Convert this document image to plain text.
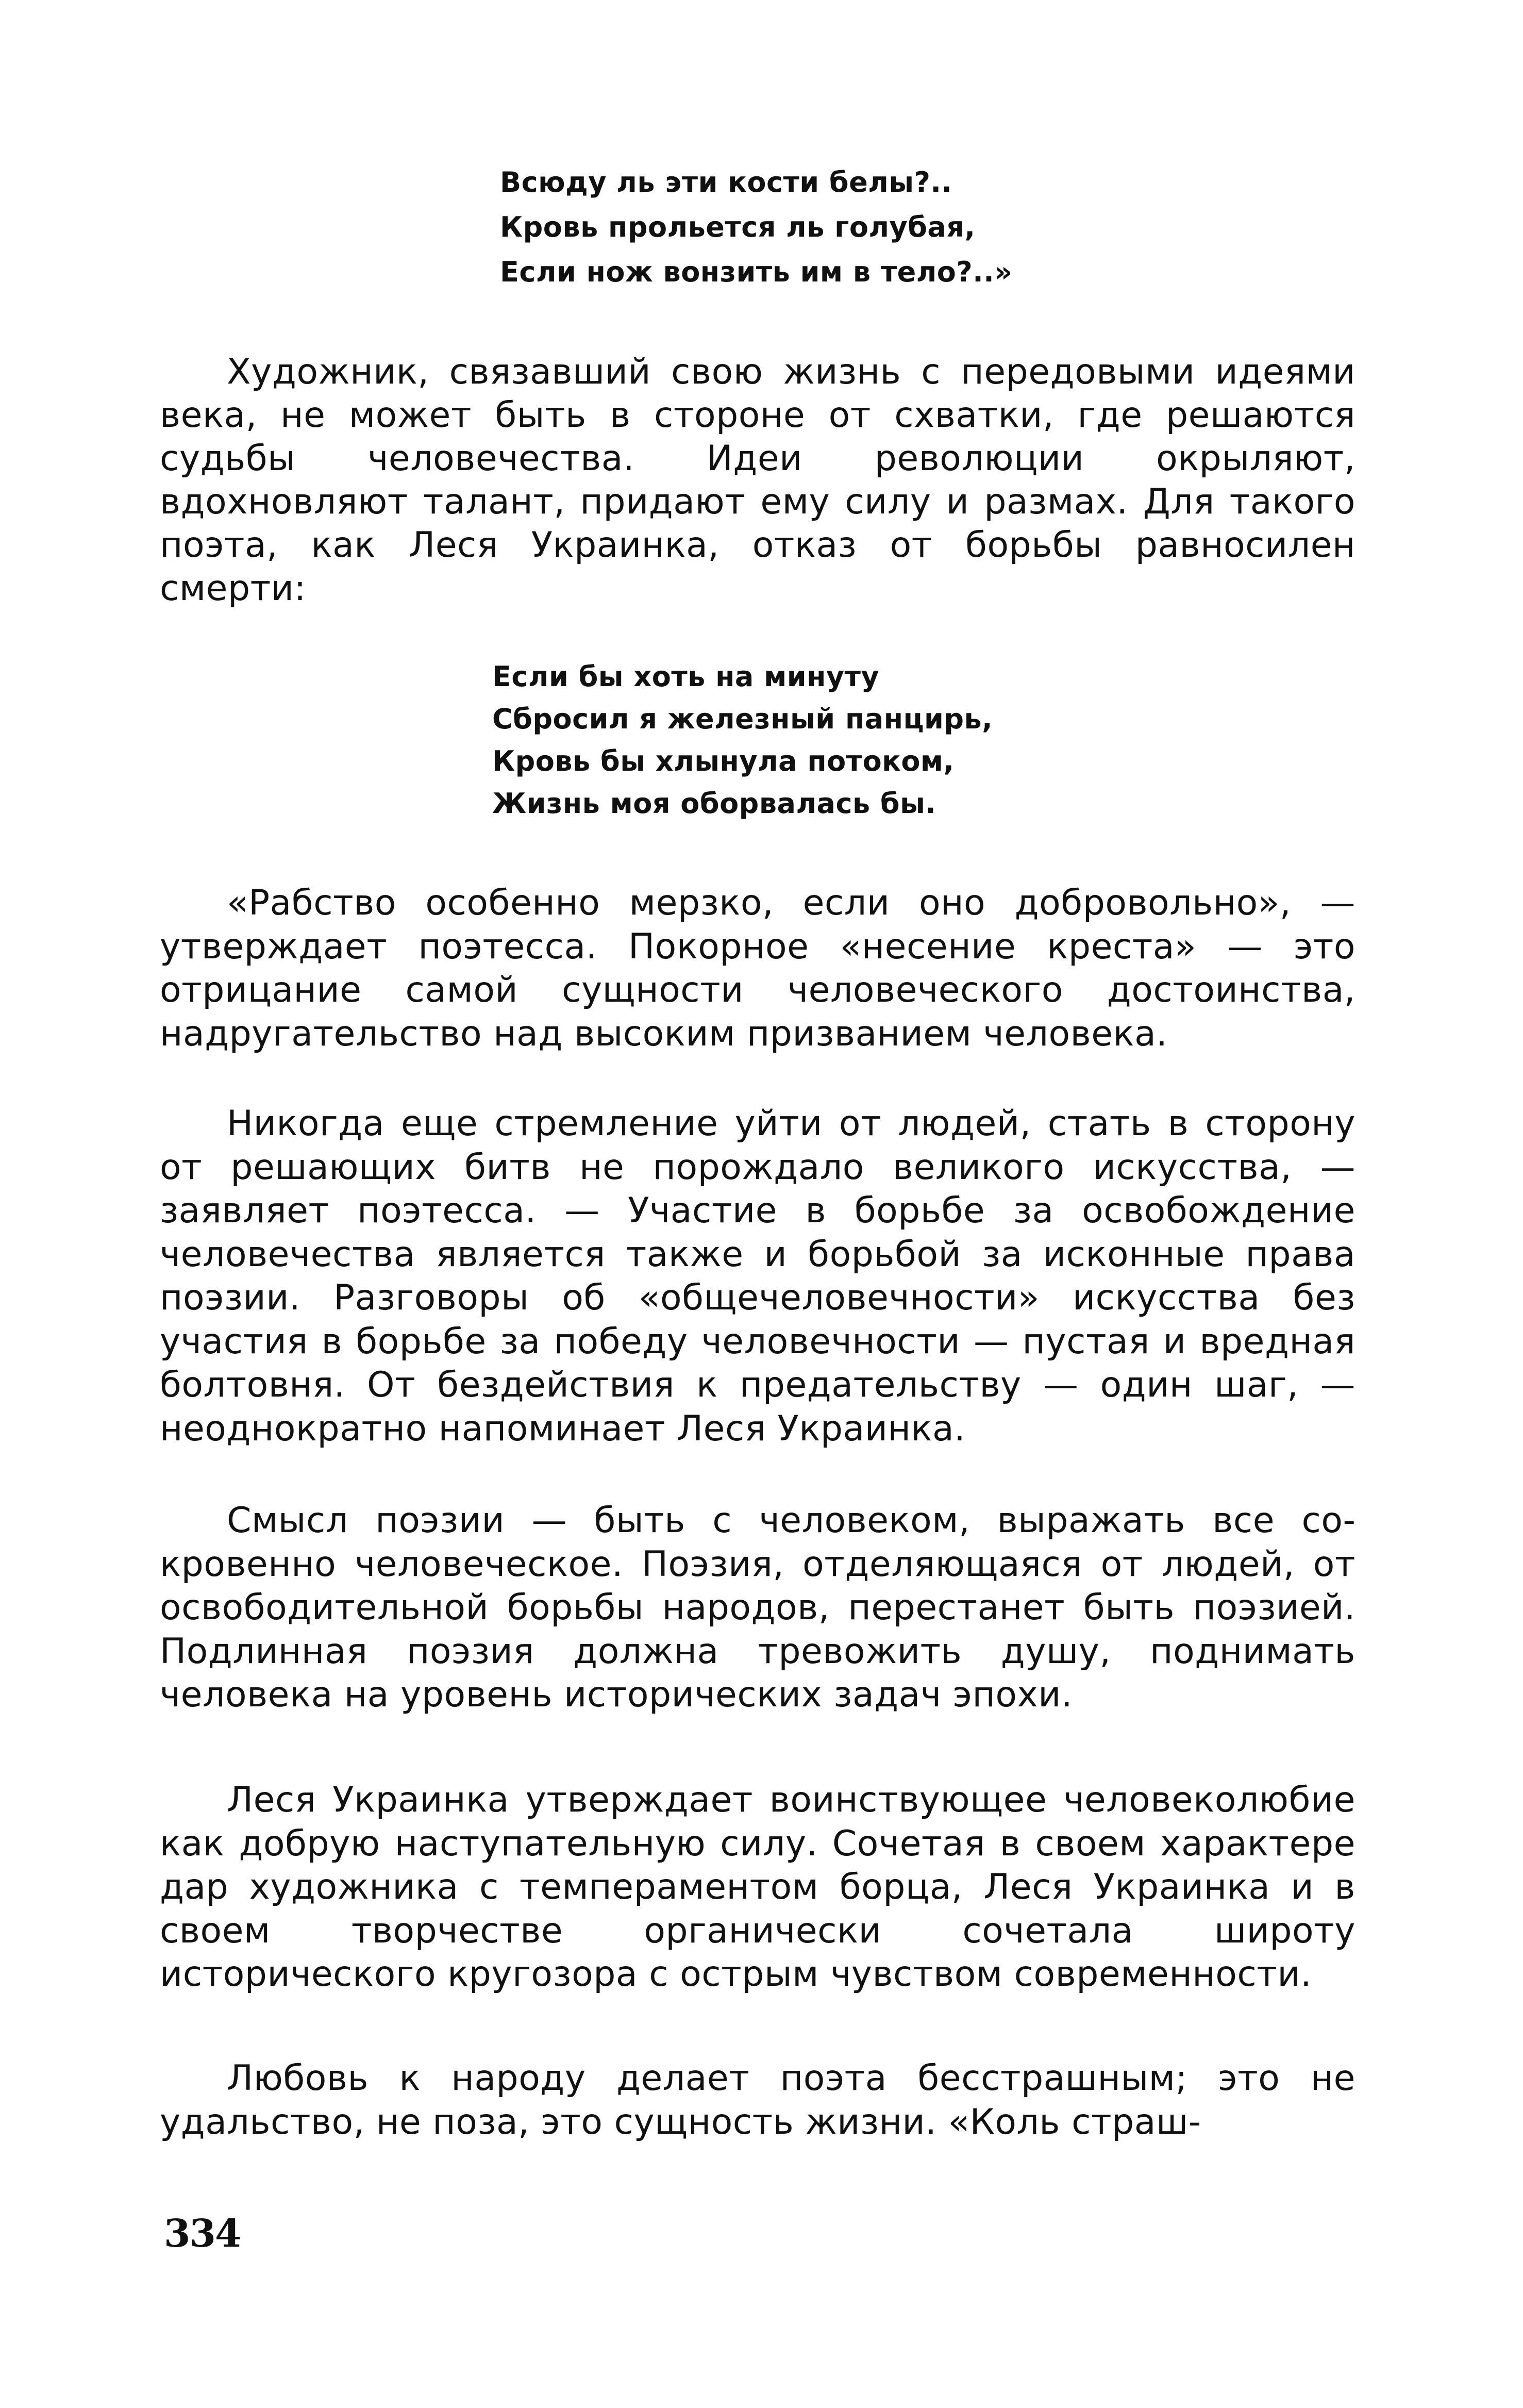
Всюду ль эти кости белы?..
Кровь прольется ль голубая,
Если нож вонзить им в тело?..»

Художник, связавший свою жизнь с передовыми идеями века, не может быть в стороне от схватки, где решаются судьбы человечества. Идеи революции окрыляют, вдохновляют талант, придают ему силу и размах. Для такого поэта, как Леся Украинка, отказ от борьбы равносилен смерти:

Если бы хоть на минуту
Сбросил я железный панцирь,
Кровь бы хлынула потоком,
Жизнь моя оборвалась бы.

«Рабство особенно мерзко, если оно добровольно», — утверждает поэтесса. Покорное «несение креста» — это отрицание самой сущности человеческого достоинства, надругательство над высоким призванием человека.

Никогда еще стремление уйти от людей, стать в сторону от решающих битв не порождало великого искусства, — заявляет поэтесса. — Участие в борьбе за освобождение человечества является также и борьбой за исконные права поэзии. Разговоры об «общечеловечности» искусства без участия в борьбе за победу человечности — пустая и вредная болтовня. От бездействия к предательству — один шаг, — неоднократно напоминает Леся Украинка.

Смысл поэзии — быть с человеком, выражать все сокровенно человеческое. Поэзия, отделяющаяся от людей, от освободительной борьбы народов, перестанет быть поэзией. Подлинная поэзия должна тревожить душу, поднимать человека на уровень исторических задач эпохи.

Леся Украинка утверждает воинствующее человеколюбие как добрую наступательную силу. Сочетая в своем характере дар художника с темпераментом борца, Леся Украинка и в своем творчестве органически сочетала широту исторического кругозора с острым чувством современности.

Любовь к народу делает поэта бесстрашным; это не удальство, не поза, это сущность жизни. «Коль страш-

334
